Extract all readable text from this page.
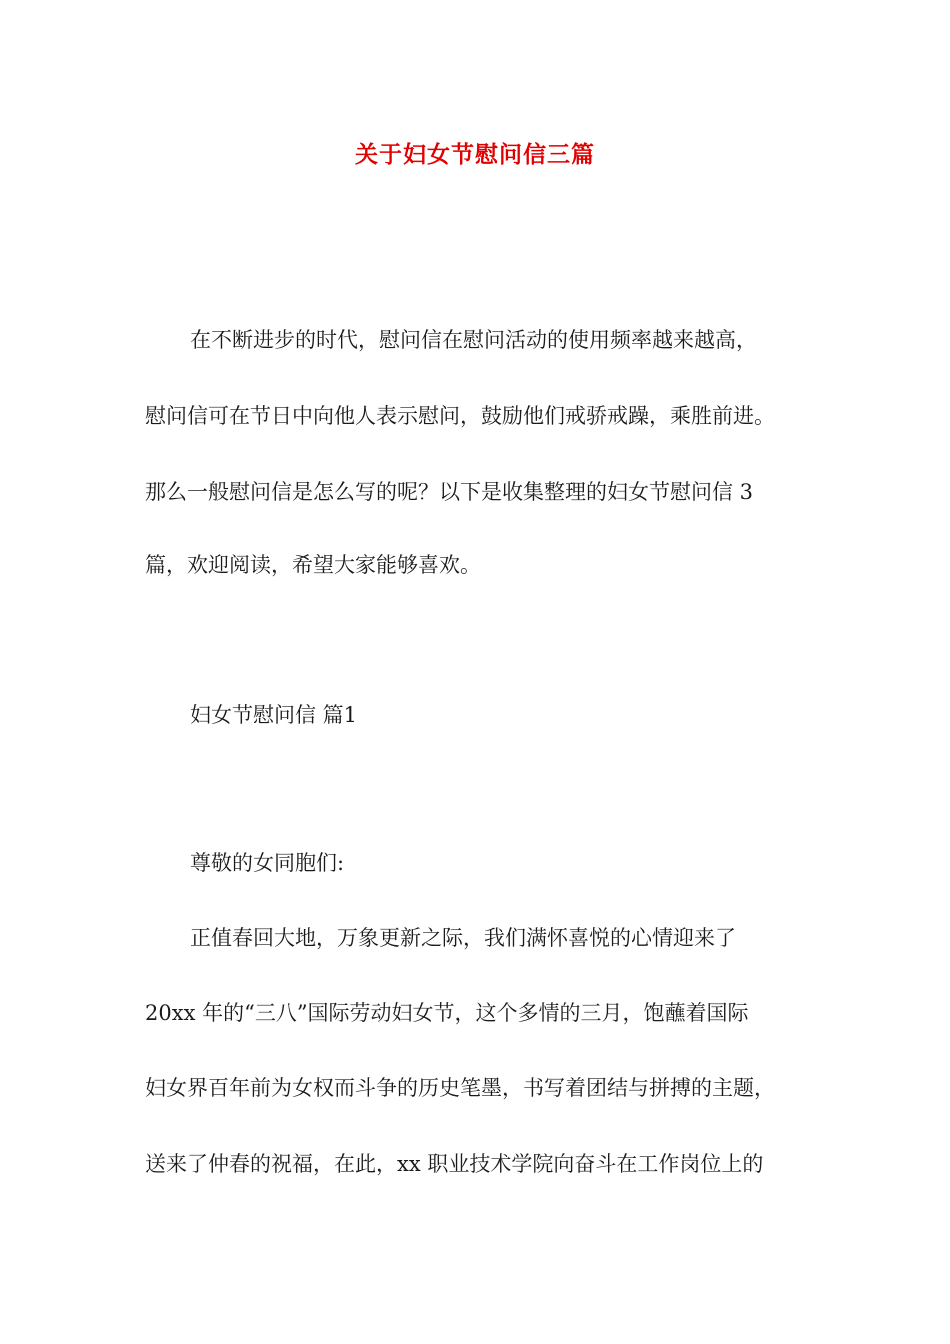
关于妇女节慰问信三篇
在不断进步的时代，慰问信在慰问活动的使用频率越来越高，
慰问信可在节日中向他人表示慰问，鼓励他们戒骄戒躁，乘胜前进。
那么一般慰问信是怎么写的呢？以下是收集整理的妇女节慰问信 3
篇，欢迎阅读，希望大家能够喜欢。
妇女节慰问信 篇1
尊敬的女同胞们:
正值春回大地，万象更新之际，我们满怀喜悦的心情迎来了
20xx 年的“三八”国际劳动妇女节，这个多情的三月，饱蘸着国际
妇女界百年前为女权而斗争的历史笔墨，书写着团结与拼搏的主题，
送来了仲春的祝福，在此，xx 职业技术学院向奋斗在工作岗位上的
